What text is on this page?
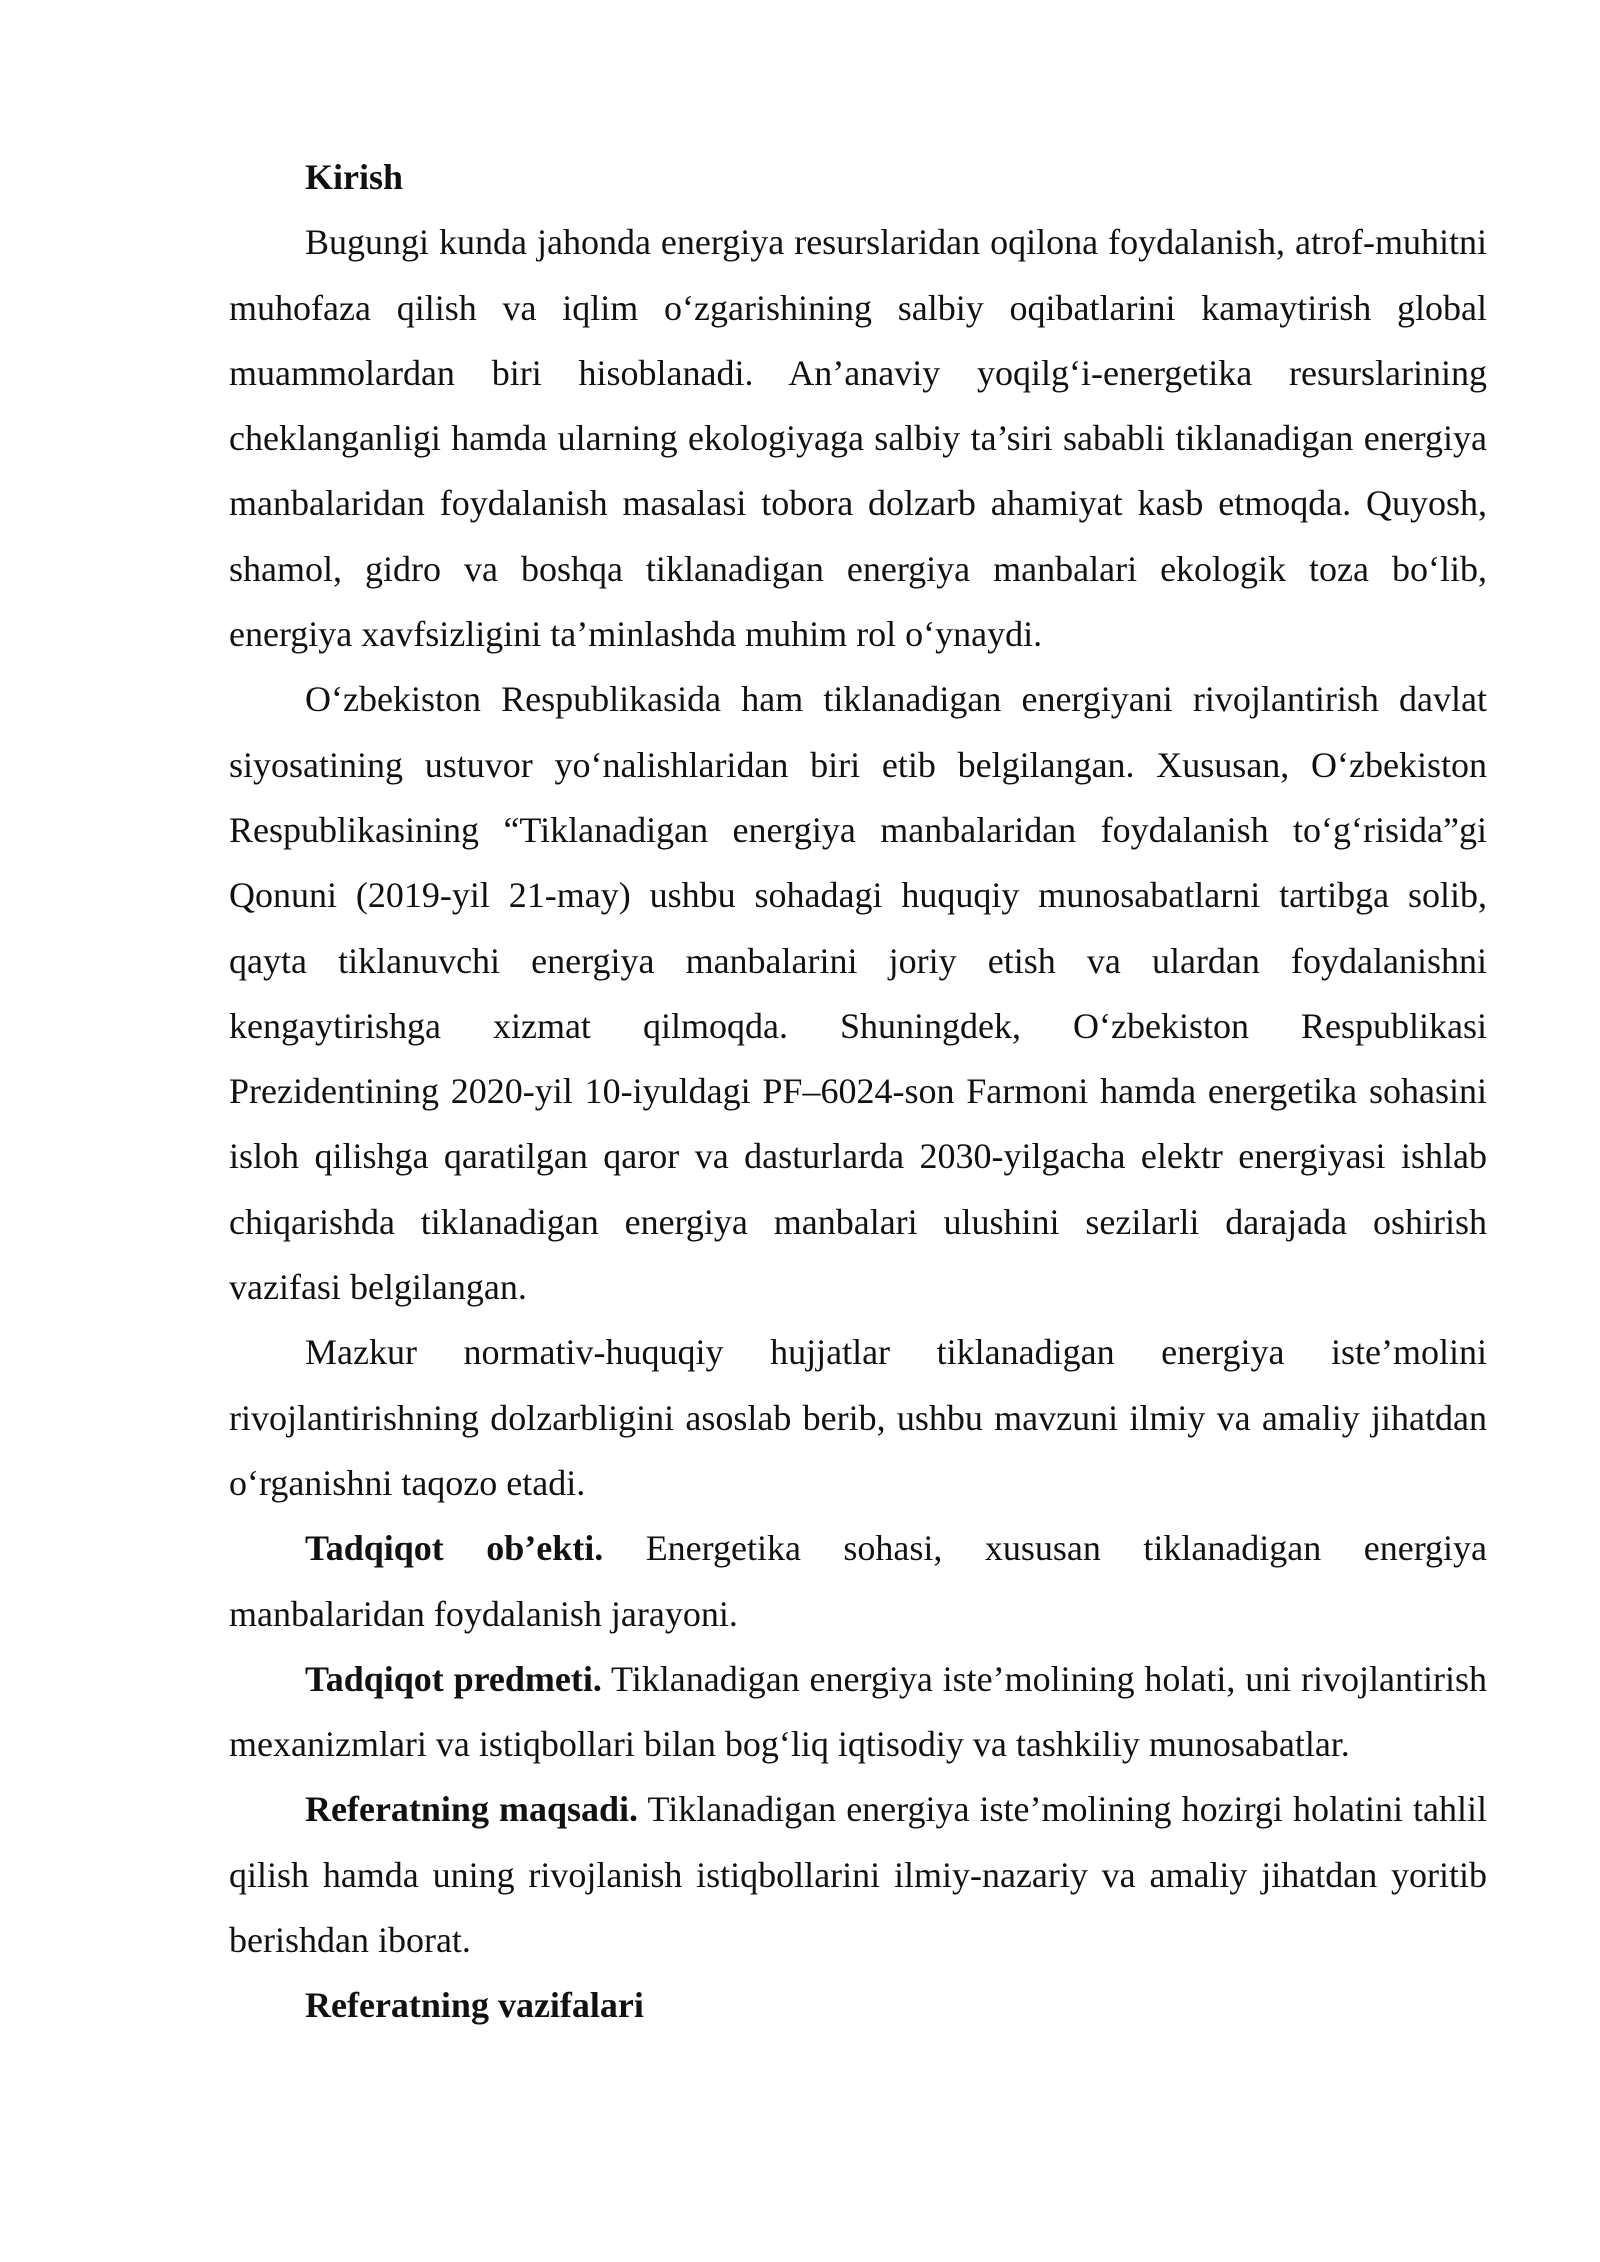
Kirish

Bugungi kunda jahonda energiya resurslaridan oqilona foydalanish, atrof-muhitni muhofaza qilish va iqlim o‘zgarishining salbiy oqibatlarini kamaytirish global muammolardan biri hisoblanadi. An’anaviy yoqilg‘i-energetika resurslarining cheklanganligi hamda ularning ekologiyaga salbiy ta’siri sababli tiklanadigan energiya manbalaridan foydalanish masalasi tobora dolzarb ahamiyat kasb etmoqda. Quyosh, shamol, gidro va boshqa tiklanadigan energiya manbalari ekologik toza bo‘lib, energiya xavfsizligini ta’minlashda muhim rol o‘ynaydi.

O‘zbekiston Respublikasida ham tiklanadigan energiyani rivojlantirish davlat siyosatining ustuvor yo‘nalishlaridan biri etib belgilangan. Xususan, O‘zbekiston Respublikasining “Tiklanadigan energiya manbalaridan foydalanish to‘g‘risida”gi Qonuni (2019-yil 21-may) ushbu sohadagi huquqiy munosabatlarni tartibga solib, qayta tiklanuvchi energiya manbalarini joriy etish va ulardan foydalanishni kengaytirishga xizmat qilmoqda. Shuningdek, O‘zbekiston Respublikasi Prezidentining 2020-yil 10-iyuldagi PF–6024-son Farmoni hamda energetika sohasini isloh qilishga qaratilgan qaror va dasturlarda 2030-yilgacha elektr energiyasi ishlab chiqarishda tiklanadigan energiya manbalari ulushini sezilarli darajada oshirish vazifasi belgilangan.

Mazkur normativ-huquqiy hujjatlar tiklanadigan energiya iste’molini rivojlantirishning dolzarbligini asoslab berib, ushbu mavzuni ilmiy va amaliy jihatdan o‘rganishni taqozo etadi.

Tadqiqot ob’ekti. Energetika sohasi, xususan tiklanadigan energiya manbalaridan foydalanish jarayoni.

Tadqiqot predmeti. Tiklanadigan energiya iste’molining holati, uni rivojlantirish mexanizmlari va istiqbollari bilan bog‘liq iqtisodiy va tashkiliy munosabatlar.

Referatning maqsadi. Tiklanadigan energiya iste’molining hozirgi holatini tahlil qilish hamda uning rivojlanish istiqbollarini ilmiy-nazariy va amaliy jihatdan yoritib berishdan iborat.

Referatning vazifalari
